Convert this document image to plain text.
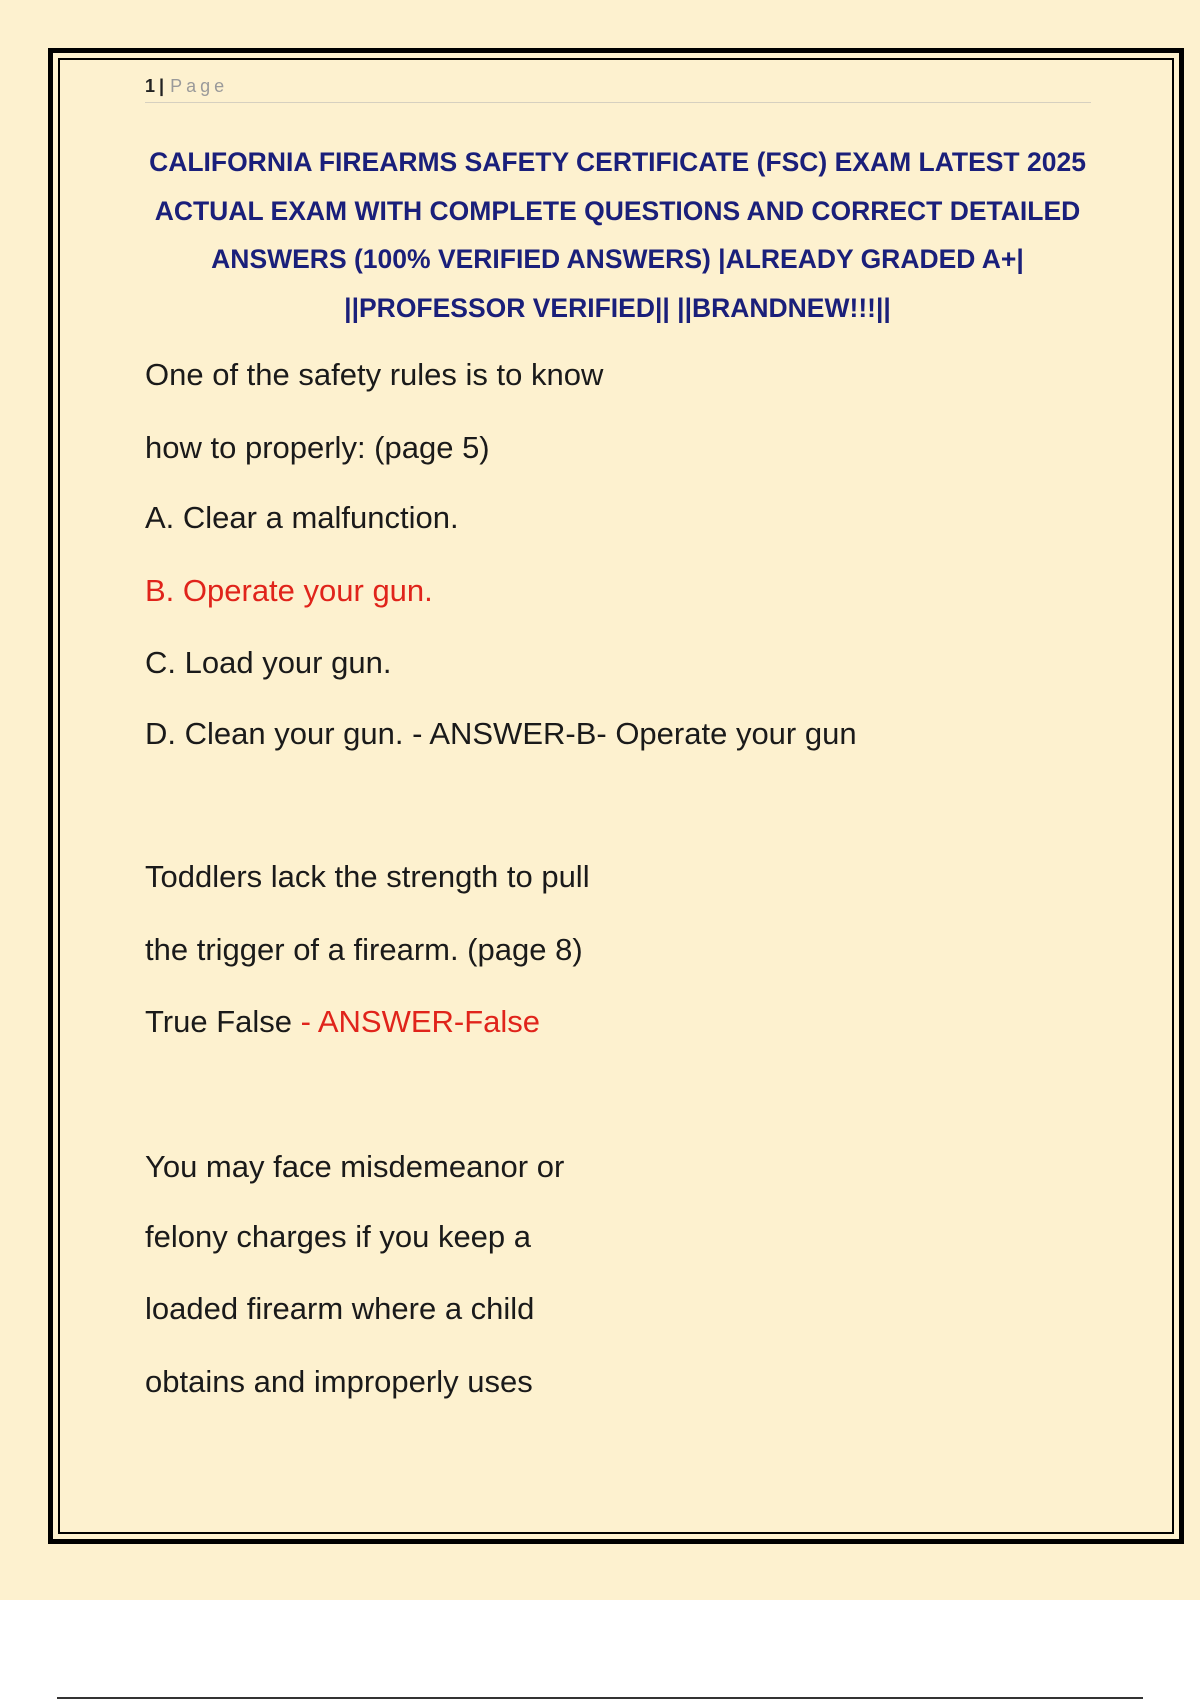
1 | Page
CALIFORNIA FIREARMS SAFETY CERTIFICATE (FSC) EXAM LATEST 2025 ACTUAL EXAM WITH COMPLETE QUESTIONS AND CORRECT DETAILED ANSWERS (100% VERIFIED ANSWERS) |ALREADY GRADED A+| ||PROFESSOR VERIFIED|| ||BRANDNEW!!!||
One of the safety rules is to know
how to properly: (page 5)
A. Clear a malfunction.
B. Operate your gun.
C. Load your gun.
D. Clean your gun. - ANSWER-B- Operate your gun
Toddlers lack the strength to pull
the trigger of a firearm. (page 8)
True False - ANSWER-False
You may face misdemeanor or
felony charges if you keep a
loaded firearm where a child
obtains and improperly uses
